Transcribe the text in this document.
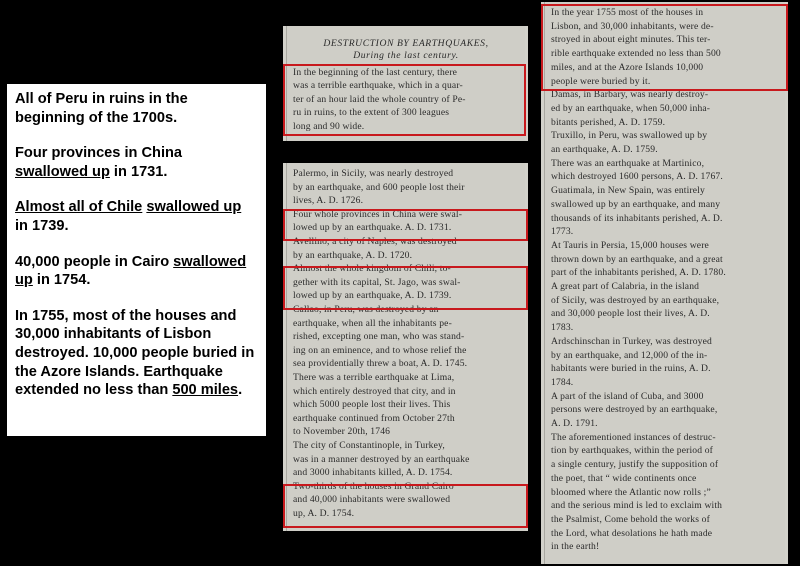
All of Peru in ruins in the beginning of the 1700s.

Four provinces in China swallowed up in 1731.

Almost all of Chile swallowed up in 1739.

40,000 people in Cairo swallowed up in 1754.

In 1755, most of the houses and 30,000 inhabitants of Lisbon destroyed. 10,000 people buried in the Azore Islands. Earthquake extended no less than 500 miles.

DESTRUCTION BY EARTHQUAKES,
During the last century.
In the beginning of the last century, there
was a terrible earthquake, which in a quar-
ter of an hour laid the whole country of Pe-
ru in ruins, to the extent of 300 leagues
long and 90 wide.
Palermo, in Sicily, was nearly destroyed
by an earthquake, and 600 people lost their
lives, A. D. 1726.
Four whole provinces in China were swal-
lowed up by an earthquake. A. D. 1731.
Avellino, a city of Naples, was destroyed
by an earthquake, A. D. 1720.
Almost the whole kingdom of Chili, to-
gether with its capital, St. Jago, was swal-
lowed up by an earthquake, A. D. 1739.
Callao, in Peru, was destroyed by an
earthquake, when all the inhabitants pe-
rished, excepting one man, who was stand-
ing on an eminence, and to whose relief the
sea providentially threw a boat, A. D. 1745.
There was a terrible earthquake at Lima,
which entirely destroyed that city, and in
which 5000 people lost their lives. This
earthquake continued from October 27th
to November 20th, 1746
The city of Constantinople, in Turkey,
was in a manner destroyed by an earthquake
and 3000 inhabitants killed, A. D. 1754.
Two-thirds of the houses in Grand Cairo
and 40,000 inhabitants were swallowed
up, A. D. 1754.
In the year 1755 most of the houses in
Lisbon, and 30,000 inhabitants, were de-
stroyed in about eight minutes. This ter-
rible earthquake extended no less than 500
miles, and at the Azore Islands 10,000
people were buried by it.
Damas, in Barbary, was nearly destroy-
ed by an earthquake, when 50,000 inha-
bitants perished, A. D. 1759.
Truxillo, in Peru, was swallowed up by
an earthquake, A. D. 1759.
There was an earthquake at Martinico,
which destroyed 1600 persons, A. D. 1767.
Guatimala, in New Spain, was entirely
swallowed up by an earthquake, and many
thousands of its inhabitants perished, A. D.
1773.
At Tauris in Persia, 15,000 houses were
thrown down by an earthquake, and a great
part of the inhabitants perished, A. D. 1780.
A great part of Calabria, in the island
of Sicily, was destroyed by an earthquake,
and 30,000 people lost their lives, A. D.
1783.
Ardschinschan in Turkey, was destroyed
by an earthquake, and 12,000 of the in-
habitants were buried in the ruins, A. D.
1784.
A part of the island of Cuba, and 3000
persons were destroyed by an earthquake,
A. D. 1791.
The aforementioned instances of destruc-
tion by earthquakes, within the period of
a single century, justify the supposition of
the poet, that “ wide continents once
bloomed where the Atlantic now rolls ;”
and the serious mind is led to exclaim with
the Psalmist, Come behold the works of
the Lord, what desolations he hath made
in the earth!
